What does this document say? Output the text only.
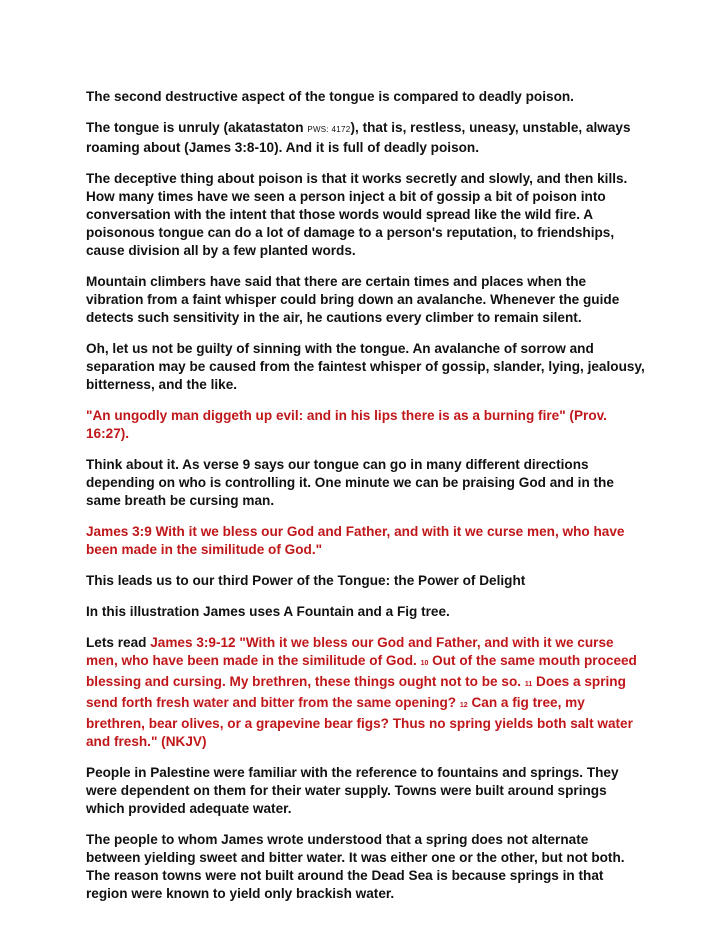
The second destructive aspect of the tongue is compared to deadly poison.

The tongue is unruly (akatastaton PWS: 4172), that is, restless, uneasy, unstable, always roaming about (James 3:8-10). And it is full of deadly poison.

The deceptive thing about poison is that it works secretly and slowly, and then kills. How many times have we seen a person inject a bit of gossip a bit of poison into conversation with the intent that those words would spread like the wild fire. A poisonous tongue can do a lot of damage to a person's reputation, to friendships, cause division all by a few planted words.

Mountain climbers have said that there are certain times and places when the vibration from a faint whisper could bring down an avalanche. Whenever the guide detects such sensitivity in the air, he cautions every climber to remain silent.

Oh, let us not be guilty of sinning with the tongue. An avalanche of sorrow and separation may be caused from the faintest whisper of gossip, slander, lying, jealousy, bitterness, and the like.

"An ungodly man diggeth up evil: and in his lips there is as a burning fire" (Prov. 16:27).

Think about it. As verse 9 says our tongue can go in many different directions depending on who is controlling it. One minute we can be praising God and in the same breath be cursing man.

James 3:9 With it we bless our God and Father, and with it we curse men, who have been made in the similitude of God."

This leads us to our third Power of the Tongue: the Power of Delight

In this illustration James uses A Fountain and a Fig tree.

Lets read James 3:9-12 "With it we bless our God and Father, and with it we curse men, who have been made in the similitude of God. 10 Out of the same mouth proceed blessing and cursing. My brethren, these things ought not to be so. 11 Does a spring send forth fresh water and bitter from the same opening? 12 Can a fig tree, my brethren, bear olives, or a grapevine bear figs? Thus no spring yields both salt water and fresh." (NKJV)

People in Palestine were familiar with the reference to fountains and springs. They were dependent on them for their water supply. Towns were built around springs which provided adequate water.

The people to whom James wrote understood that a spring does not alternate between yielding sweet and bitter water. It was either one or the other, but not both. The reason towns were not built around the Dead Sea is because springs in that region were known to yield only brackish water.
